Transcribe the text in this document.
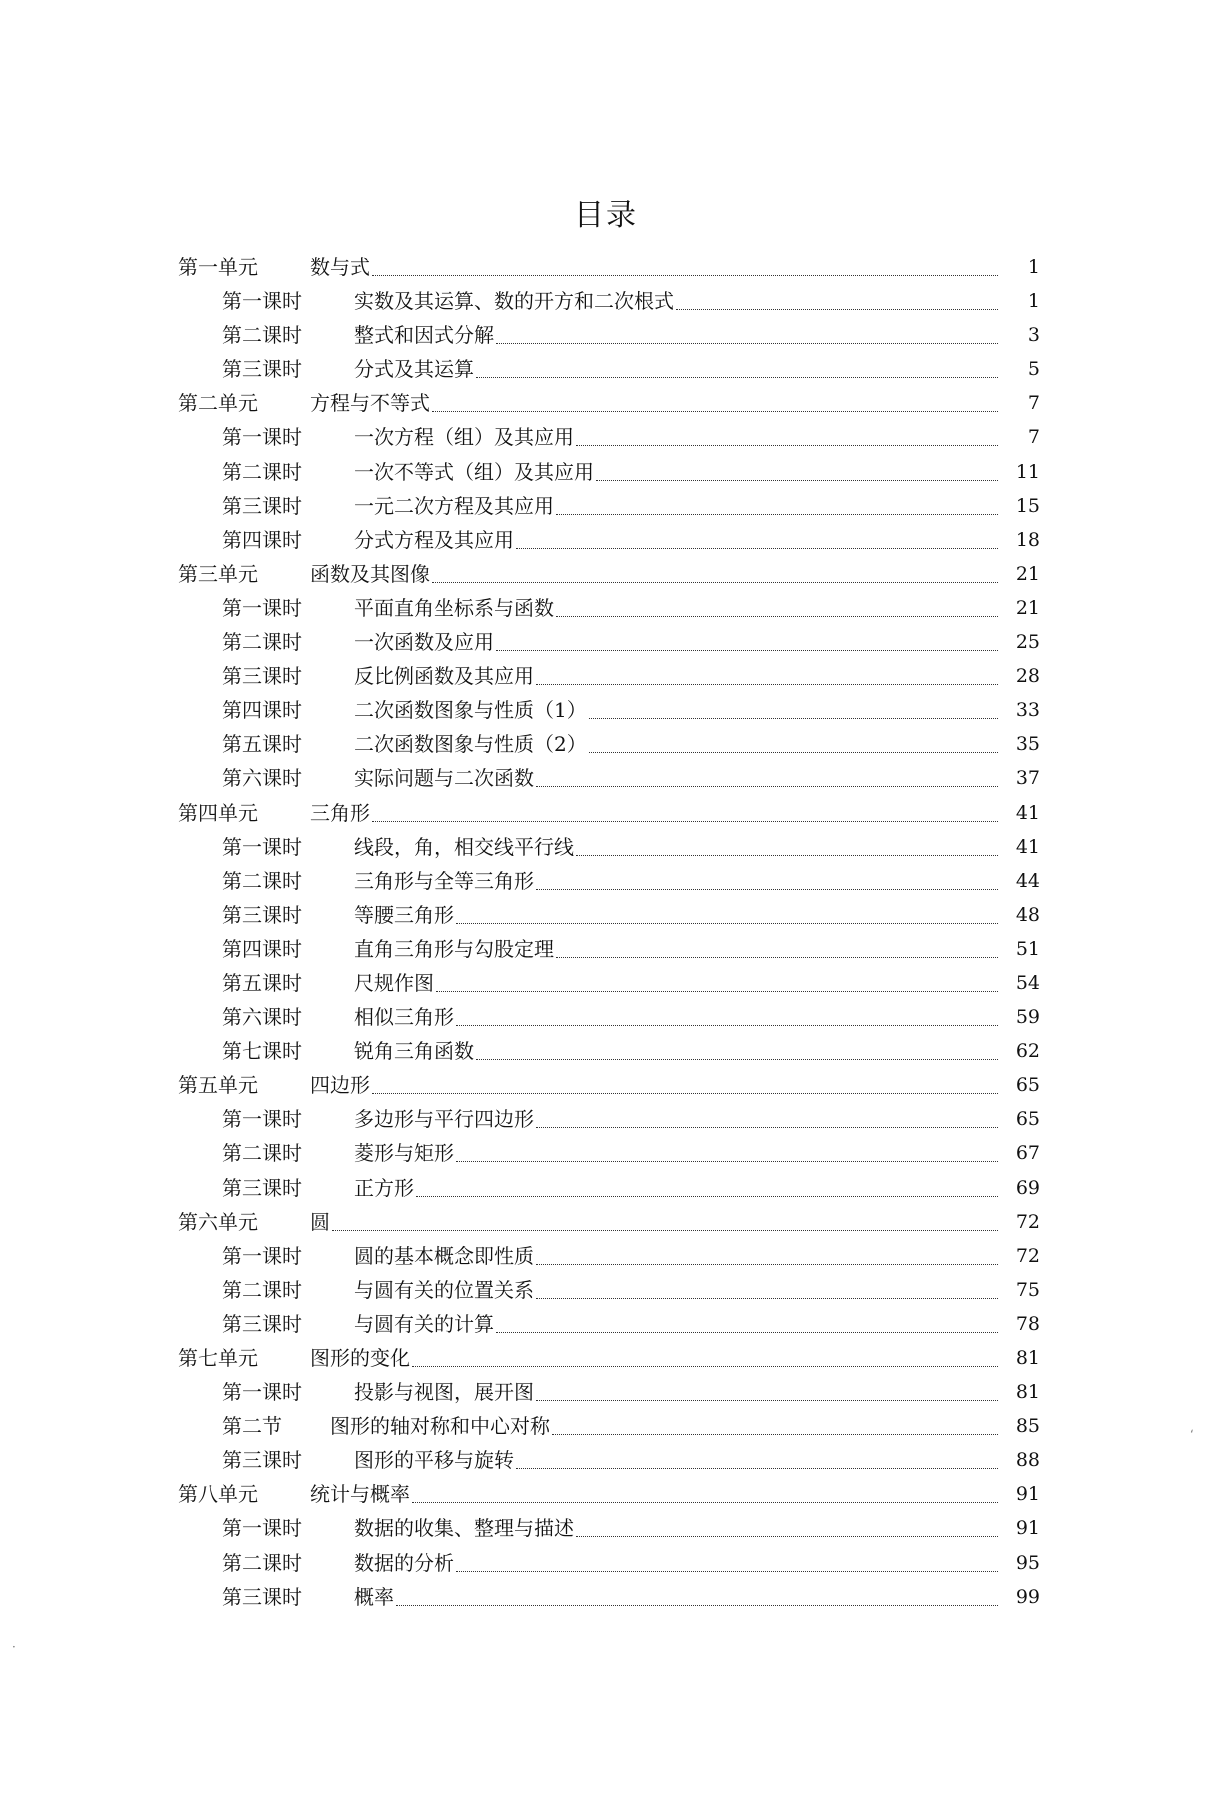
目录
第一单元	数与式	1
第一课时	实数及其运算、数的开方和二次根式	1
第二课时	整式和因式分解	3
第三课时	分式及其运算	5
第二单元	方程与不等式	7
第一课时	一次方程（组）及其应用	7
第二课时	一次不等式（组）及其应用	11
第三课时	一元二次方程及其应用	15
第四课时	分式方程及其应用	18
第三单元	函数及其图像	21
第一课时	平面直角坐标系与函数	21
第二课时	一次函数及应用	25
第三课时	反比例函数及其应用	28
第四课时	二次函数图象与性质（1）	33
第五课时	二次函数图象与性质（2）	35
第六课时	实际问题与二次函数	37
第四单元	三角形	41
第一课时	线段，角，相交线平行线	41
第二课时	三角形与全等三角形	44
第三课时	等腰三角形	48
第四课时	直角三角形与勾股定理	51
第五课时	尺规作图	54
第六课时	相似三角形	59
第七课时	锐角三角函数	62
第五单元	四边形	65
第一课时	多边形与平行四边形	65
第二课时	菱形与矩形	67
第三课时	正方形	69
第六单元	圆	72
第一课时	圆的基本概念即性质	72
第二课时	与圆有关的位置关系	75
第三课时	与圆有关的计算	78
第七单元	图形的变化	81
第一课时	投影与视图，展开图	81
第二节 图形的轴对称和中心对称	85
第三课时	图形的平移与旋转	88
第八单元	统计与概率	91
第一课时	数据的收集、整理与描述	91
第二课时	数据的分析	95
第三课时	概率	99
⸲
·
